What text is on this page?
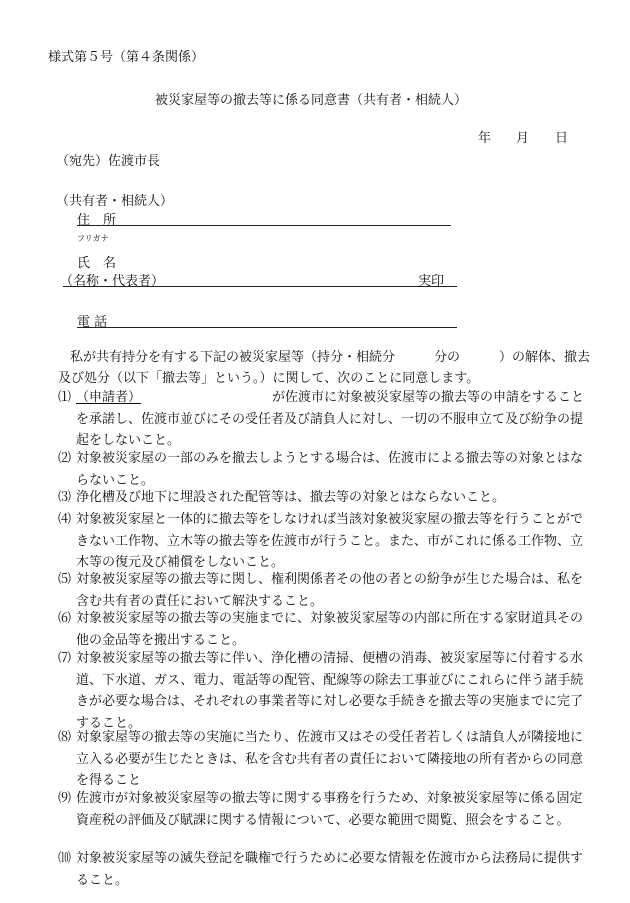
様式第５号（第４条関係）
被災家屋等の撤去等に係る同意書（共有者・相続人）
年 月 日
（宛先）佐渡市長
（共有者・相続人）
住　所
フリガナ
氏　名
（名称・代表者）	実印
電 話
私が共有持分を有する下記の被災家屋等（持分・相続分　　　分の　　　）の解体、撤去及び処分（以下「撤去等」という。）に関して、次のことに同意します。
⑴ （申請者）	が佐渡市に対象被災家屋等の撤去等の申請をすることを承諾し、佐渡市並びにその受任者及び請負人に対し、一切の不服申立て及び紛争の提起をしないこと。
⑵ 対象被災家屋の一部のみを撤去しようとする場合は、佐渡市による撤去等の対象とはならないこと。
⑶ 浄化槽及び地下に埋設された配管等は、撤去等の対象とはならないこと。
⑷ 対象被災家屋と一体的に撤去等をしなければ当該対象被災家屋の撤去等を行うことができない工作物、立木等の撤去等を佐渡市が行うこと。また、市がこれに係る工作物、立木等の復元及び補償をしないこと。
⑸ 対象被災家屋等の撤去等に関し、権利関係者その他の者との紛争が生じた場合は、私を含む共有者の責任において解決すること。
⑹ 対象被災家屋等の撤去等の実施までに、対象被災家屋等の内部に所在する家財道具その他の金品等を搬出すること。
⑺ 対象被災家屋等の撤去等に伴い、浄化槽の清掃、便槽の消毒、被災家屋等に付着する水道、下水道、ガス、電力、電話等の配管、配線等の除去工事並びにこれらに伴う諸手続きが必要な場合は、それぞれの事業者等に対し必要な手続きを撤去等の実施までに完了すること。
⑻ 対象家屋等の撤去等の実施に当たり、佐渡市又はその受任者若しくは請負人が隣接地に立入る必要が生じたときは、私を含む共有者の責任において隣接地の所有者からの同意を得ること
⑼ 佐渡市が対象被災家屋等の撤去等に関する事務を行うため、対象被災家屋等に係る固定資産税の評価及び賦課に関する情報について、必要な範囲で閲覧、照会をすること。
⑽ 対象被災家屋等の滅失登記を職権で行うために必要な情報を佐渡市から法務局に提供すること。
